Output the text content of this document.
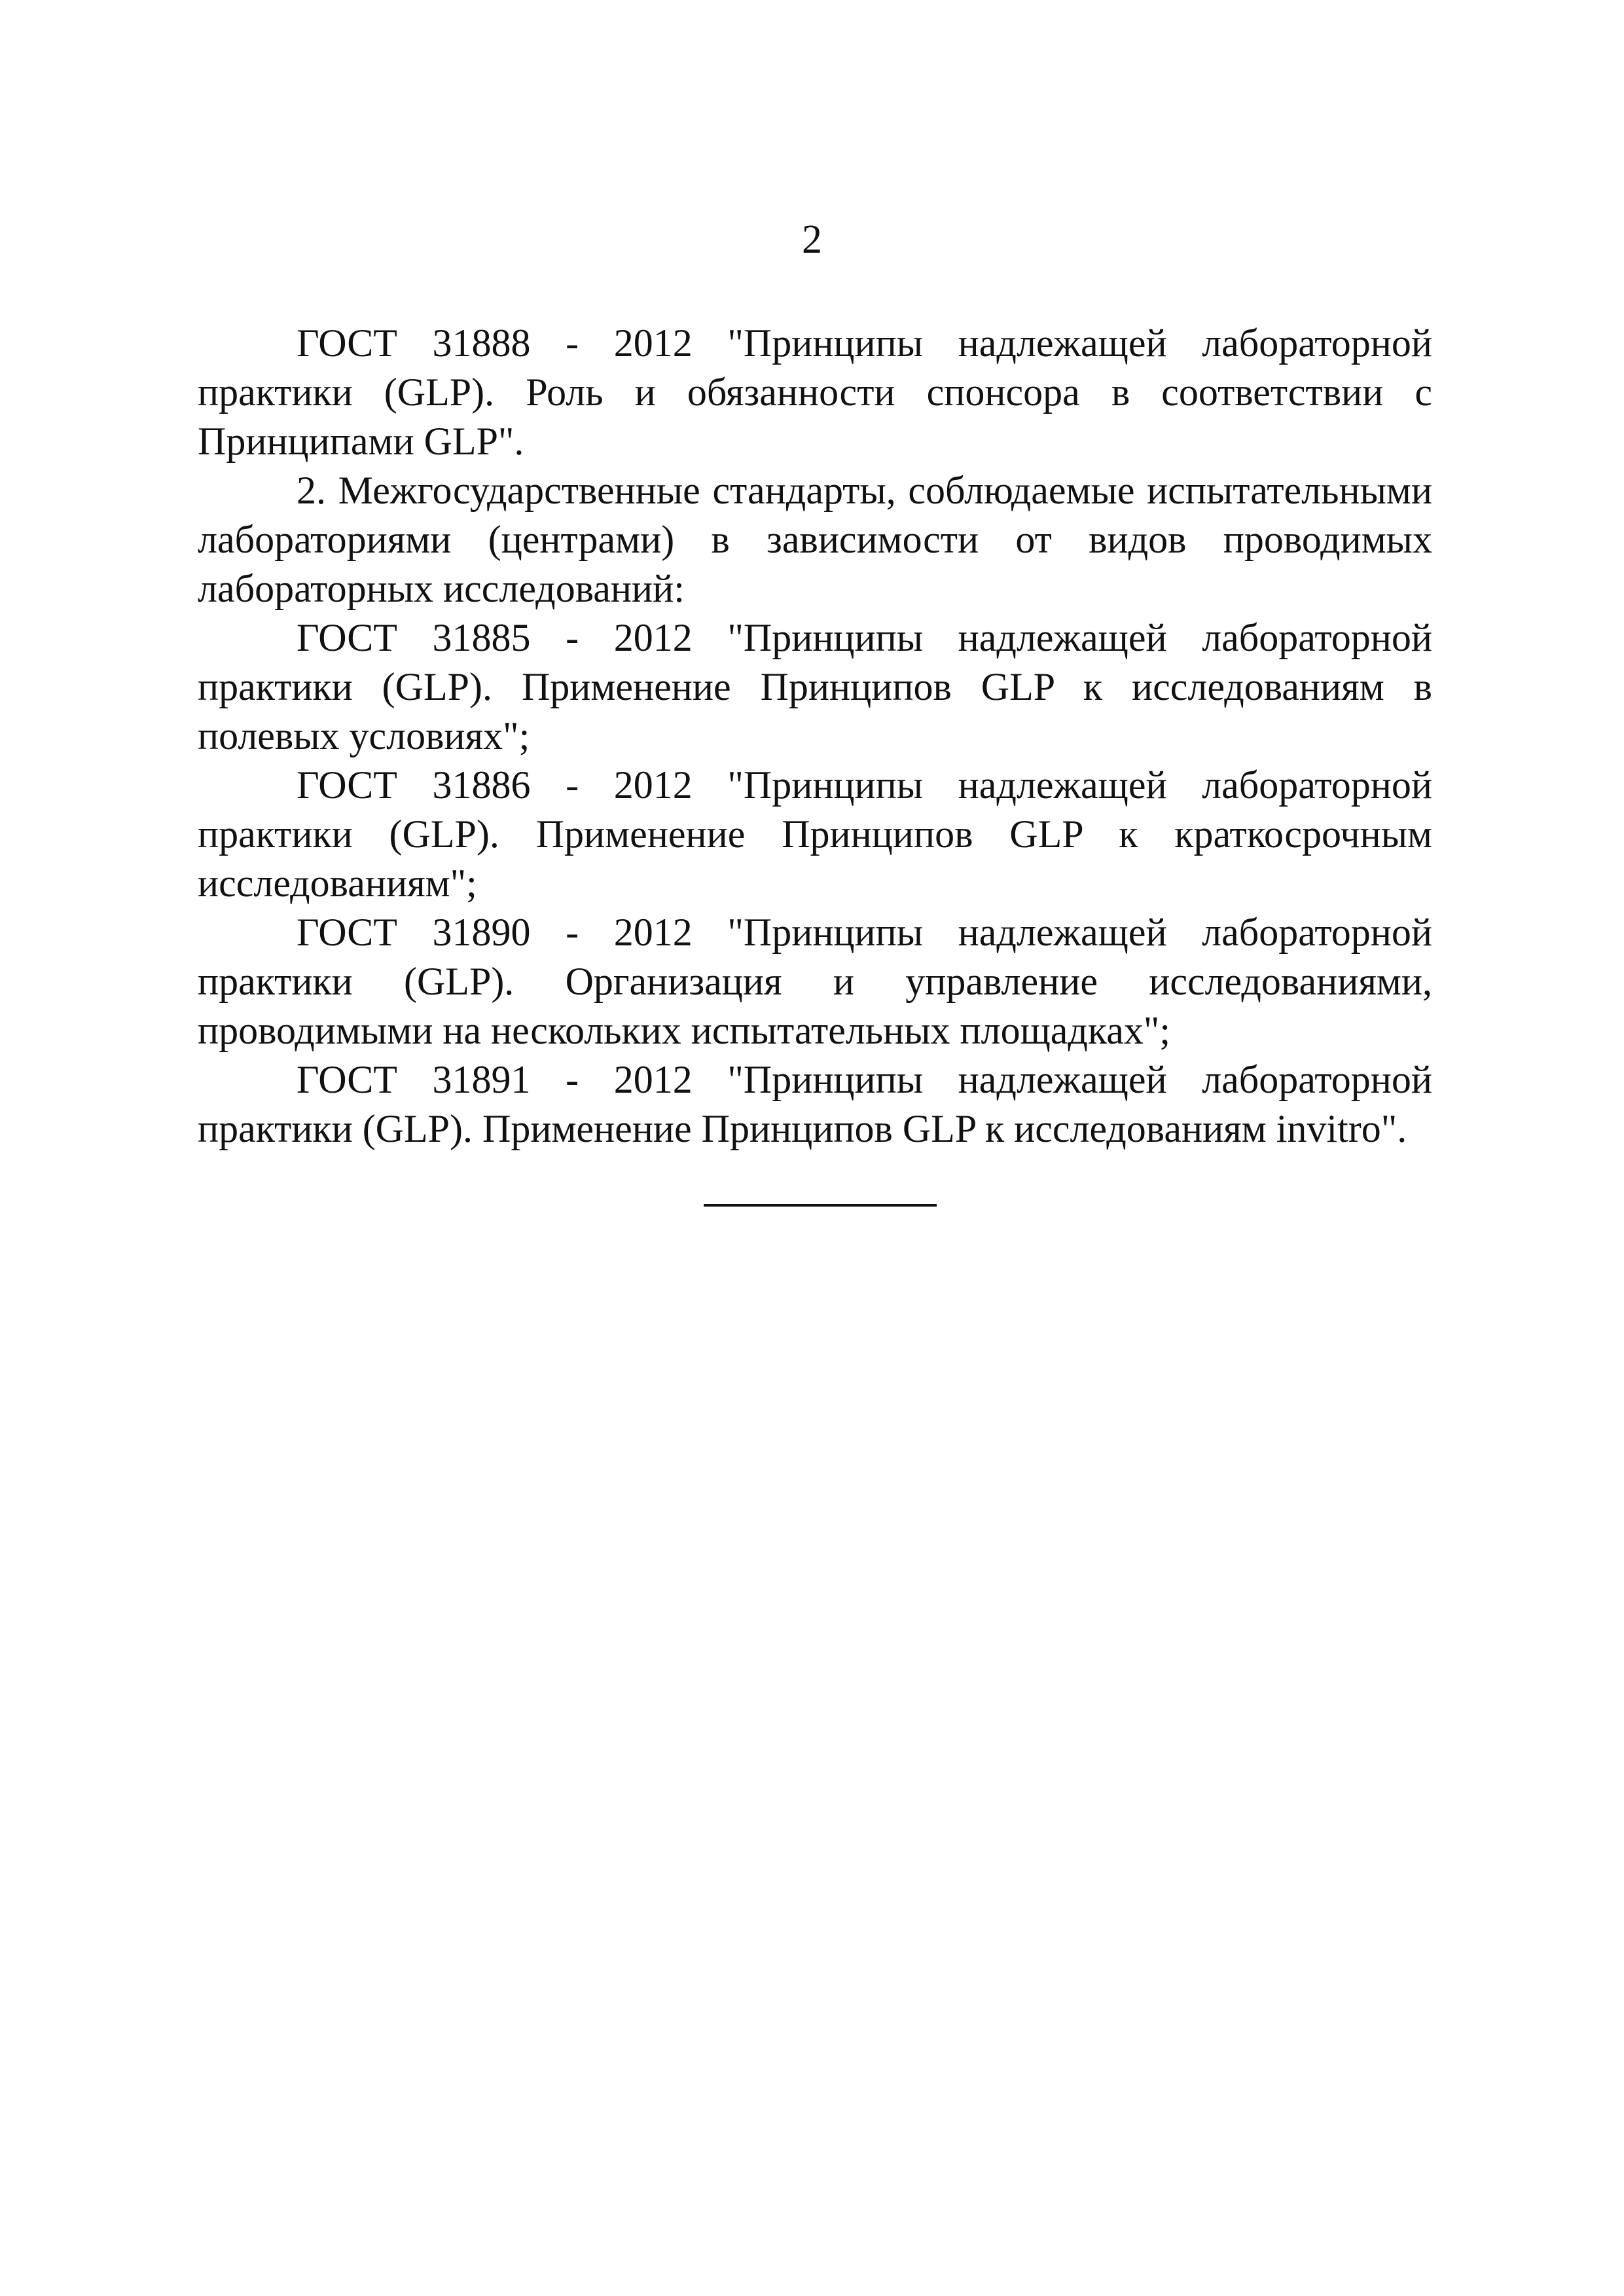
2

ГОСТ 31888 - 2012 "Принципы надлежащей лабораторной практики (GLP). Роль и обязанности спонсора в соответствии с Принципами GLP".

2. Межгосударственные стандарты, соблюдаемые испытательными лабораториями (центрами) в зависимости от видов проводимых лабораторных исследований:

ГОСТ 31885 - 2012 "Принципы надлежащей лабораторной практики (GLP). Применение Принципов GLP к исследованиям в полевых условиях";

ГОСТ 31886 - 2012 "Принципы надлежащей лабораторной практики (GLP). Применение Принципов GLP к краткосрочным исследованиям";

ГОСТ 31890 - 2012 "Принципы надлежащей лабораторной практики (GLP). Организация и управление исследованиями, проводимыми на нескольких испытательных площадках";

ГОСТ 31891 - 2012 "Принципы надлежащей лабораторной практики (GLP). Применение Принципов GLP к исследованиям invitro".
